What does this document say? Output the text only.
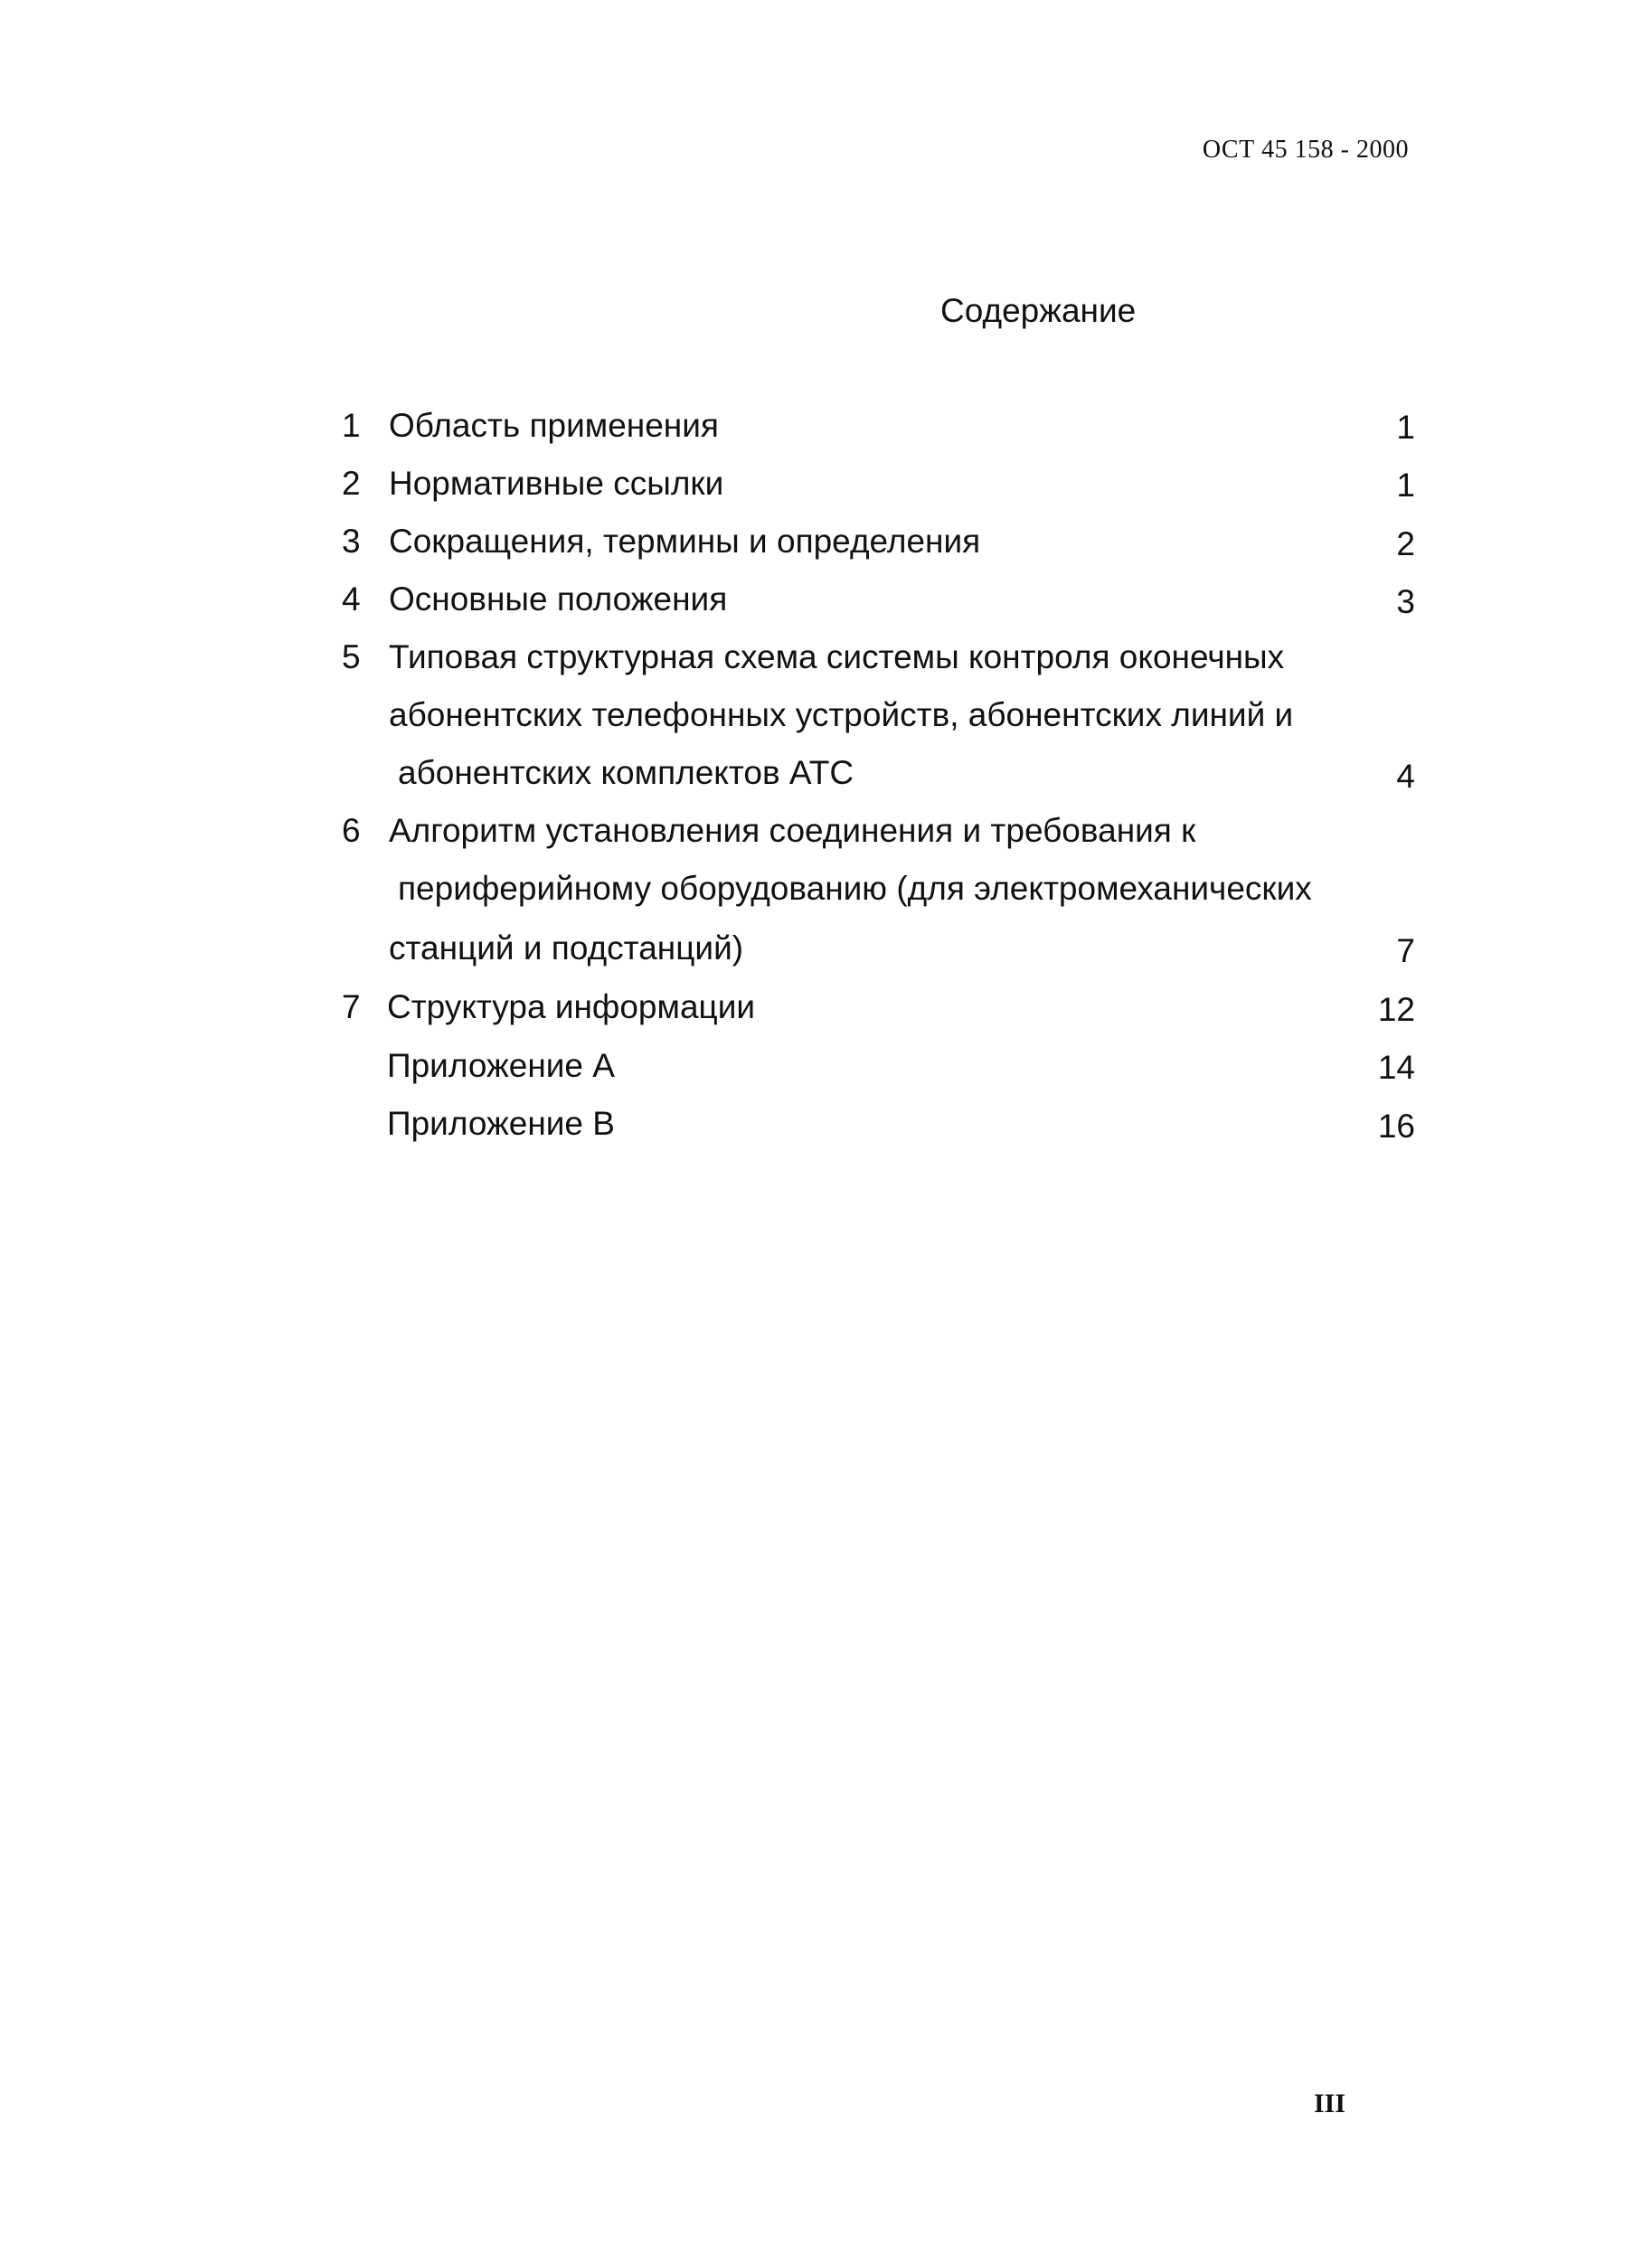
ОСТ 45 158 - 2000
Содержание
1 Область применения	1
2 Нормативные ссылки	1
3 Сокращения, термины и определения	2
4 Основные положения	3
5 Типовая структурная схема системы контроля оконечных
абонентских телефонных устройств, абонентских линий и
абонентских комплектов АТС	4
6 Алгоритм установления соединения и требования к
периферийному оборудованию (для электромеханических
станций и подстанций)	7
7 Структура информации	12
Приложение А	14
Приложение В	16
III
